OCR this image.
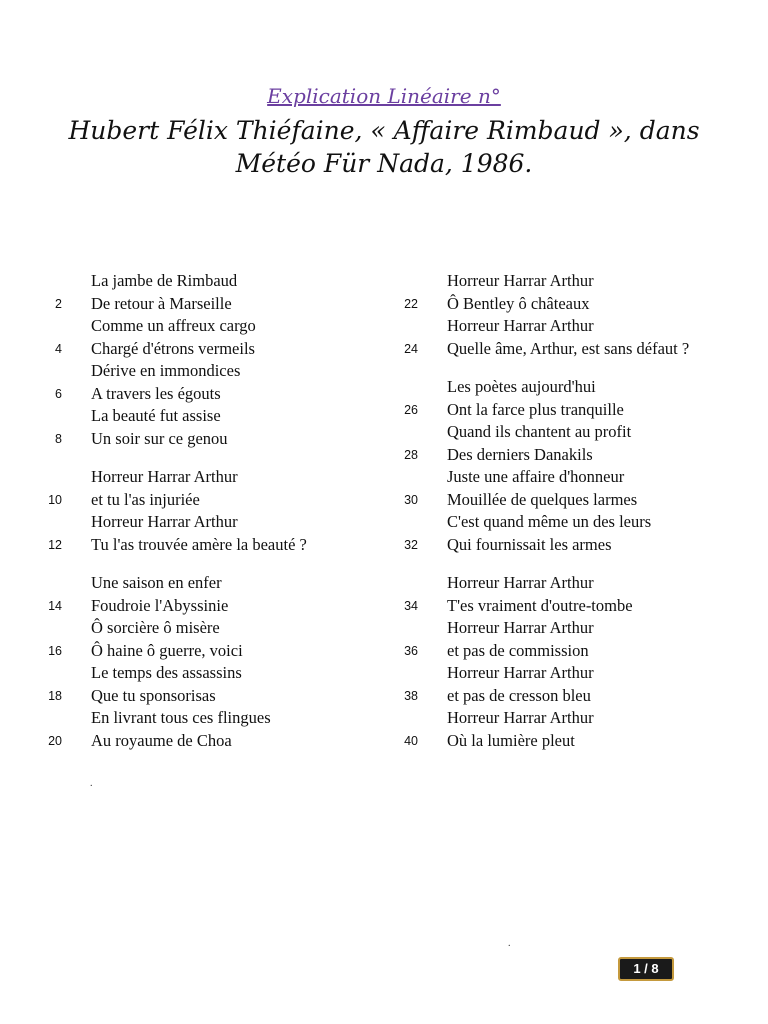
Explication Linéaire n°
Hubert Félix Thiéfaine, « Affaire Rimbaud », dans
Météo Für Nada, 1986.
La jambe de Rimbaud
2 De retour à Marseille
Comme un affreux cargo
4 Chargé d'étrons vermeils
Dérive en immondices
6 A travers les égouts
La beauté fut assise
8 Un soir sur ce genou
Horreur Harrar Arthur
10 et tu l'as injuriée
Horreur Harrar Arthur
12 Tu l'as trouvée amère la beauté ?
Une saison en enfer
14 Foudroie l'Abyssinie
Ô sorcière ô misère
16 Ô haine ô guerre, voici
Le temps des assassins
18 Que tu sponsorisas
En livrant tous ces flingues
20 Au royaume de Choa
Horreur Harrar Arthur
22 Ô Bentley ô châteaux
Horreur Harrar Arthur
24 Quelle âme, Arthur, est sans défaut ?
Les poètes aujourd'hui
26 Ont la farce plus tranquille
Quand ils chantent au profit
28 Des derniers Danakils
Juste une affaire d'honneur
30 Mouillée de quelques larmes
C'est quand même un des leurs
32 Qui fournissait les armes
Horreur Harrar Arthur
34 T'es vraiment d'outre-tombe
Horreur Harrar Arthur
36 et pas de commission
Horreur Harrar Arthur
38 et pas de cresson bleu
Horreur Harrar Arthur
40 Où la lumière pleut
.
.
1 / 8
